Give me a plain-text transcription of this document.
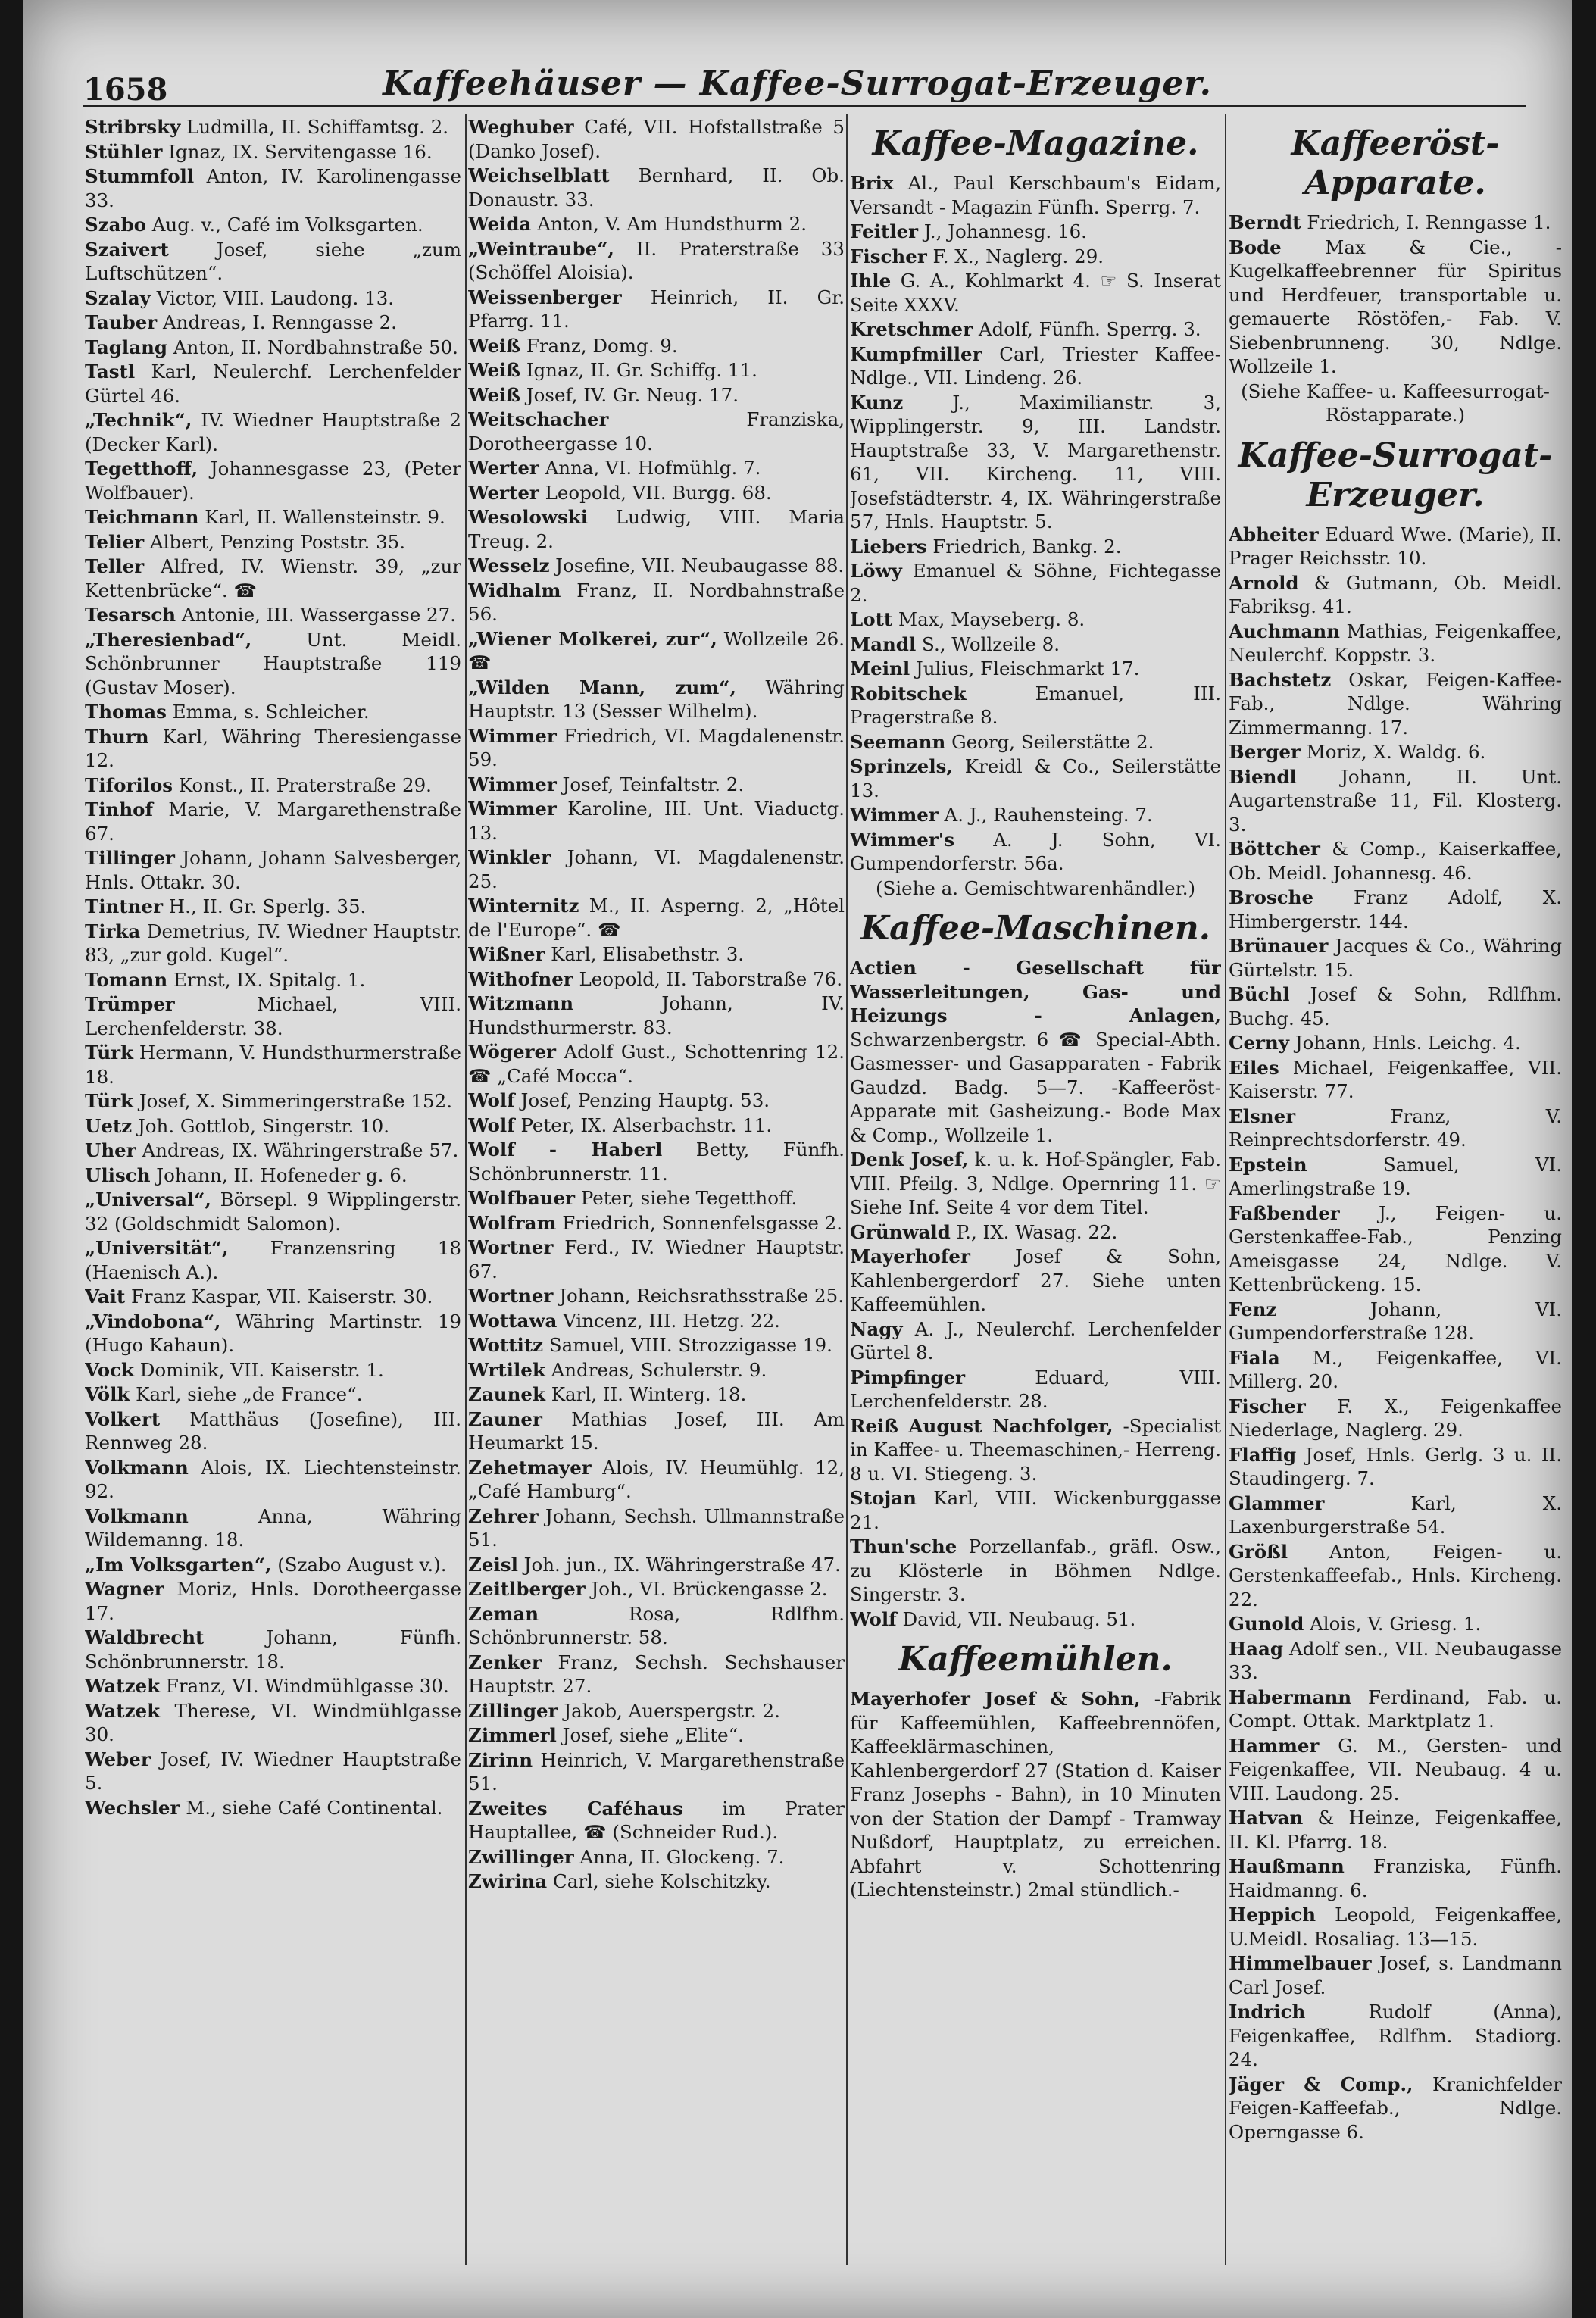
1658	Kaffeehäuser — Kaffee-Surrogat-Erzeuger.
Stribrsky Ludmilla, II. Schiffamtsg. 2.
Stühler Ignaz, IX. Servitengasse 16.
Stummfoll Anton, IV. Karolinengasse 33.
Szabo Aug. v., Café im Volksgarten.
Szaivert Josef, siehe „zum Luftschützen“.
Szalay Victor, VIII. Laudong. 13.
Tauber Andreas, I. Renngasse 2.
Taglang Anton, II. Nordbahnstraße 50.
Tastl Karl, Neulerchf. Lerchenfelder Gürtel 46.
„Technik“, IV. Wiedner Hauptstraße 2 (Decker Karl).
Tegetthoff, Johannesgasse 23, (Peter Wolfbauer).
Teichmann Karl, II. Wallensteinstr. 9.
Telier Albert, Penzing Poststr. 35.
Teller Alfred, IV. Wienstr. 39, „zur Kettenbrücke“. ☎
Tesarsch Antonie, III. Wassergasse 27.
„Theresienbad“, Unt. Meidl. Schönbrunner Hauptstraße 119 (Gustav Moser).
Thomas Emma, s. Schleicher.
Thurn Karl, Währing Theresiengasse 12.
Tiforilos Konst., II. Praterstraße 29.
Tinhof Marie, V. Margarethenstraße 67.
Tillinger Johann, Johann Salvesberger, Hnls. Ottakr. 30.
Tintner H., II. Gr. Sperlg. 35.
Tirka Demetrius, IV. Wiedner Hauptstr. 83, „zur gold. Kugel“.
Tomann Ernst, IX. Spitalg. 1.
Trümper Michael, VIII. Lerchenfelderstr. 38.
Türk Hermann, V. Hundsthurmerstraße 18.
Türk Josef, X. Simmeringerstraße 152.
Uetz Joh. Gottlob, Singerstr. 10.
Uher Andreas, IX. Währingerstraße 57.
Ulisch Johann, II. Hofeneder g. 6.
„Universal“, Börsepl. 9 Wipplingerstr. 32 (Goldschmidt Salomon).
„Universität“, Franzensring 18 (Haenisch A.).
Vait Franz Kaspar, VII. Kaiserstr. 30.
„Vindobona“, Währing Martinstr. 19 (Hugo Kahaun).
Vock Dominik, VII. Kaiserstr. 1.
Völk Karl, siehe „de France“.
Volkert Matthäus (Josefine), III. Rennweg 28.
Volkmann Alois, IX. Liechtensteinstr. 92.
Volkmann Anna, Währing Wildemanng. 18.
„Im Volksgarten“, (Szabo August v.).
Wagner Moriz, Hnls. Dorotheergasse 17.
Waldbrecht Johann, Fünfh. Schönbrunnerstr. 18.
Watzek Franz, VI. Windmühlgasse 30.
Watzek Therese, VI. Windmühlgasse 30.
Weber Josef, IV. Wiedner Hauptstraße 5.
Wechsler M., siehe Café Continental.
Weghuber Café, VII. Hofstallstraße 5 (Danko Josef).
Weichselblatt Bernhard, II. Ob. Donaustr. 33.
Weida Anton, V. Am Hundsthurm 2.
„Weintraube“, II. Praterstraße 33 (Schöffel Aloisia).
Weissenberger Heinrich, II. Gr. Pfarrg. 11.
Weiß Franz, Domg. 9.
Weiß Ignaz, II. Gr. Schiffg. 11.
Weiß Josef, IV. Gr. Neug. 17.
Weitschacher Franziska, Dorotheergasse 10.
Werter Anna, VI. Hofmühlg. 7.
Werter Leopold, VII. Burgg. 68.
Wesolowski Ludwig, VIII. Maria Treug. 2.
Wesselz Josefine, VII. Neubaugasse 88.
Widhalm Franz, II. Nordbahnstraße 56.
„Wiener Molkerei, zur“, Wollzeile 26. ☎
„Wilden Mann, zum“, Währing Hauptstr. 13 (Sesser Wilhelm).
Wimmer Friedrich, VI. Magdalenenstr. 59.
Wimmer Josef, Teinfaltstr. 2.
Wimmer Karoline, III. Unt. Viaductg. 13.
Winkler Johann, VI. Magdalenenstr. 25.
Winternitz M., II. Asperng. 2, „Hôtel de l'Europe“. ☎
Wißner Karl, Elisabethstr. 3.
Withofner Leopold, II. Taborstraße 76.
Witzmann Johann, IV. Hundsthurmerstr. 83.
Wögerer Adolf Gust., Schottenring 12. ☎ „Café Mocca“.
Wolf Josef, Penzing Hauptg. 53.
Wolf Peter, IX. Alserbachstr. 11.
Wolf - Haberl Betty, Fünfh. Schönbrunnerstr. 11.
Wolfbauer Peter, siehe Tegetthoff.
Wolfram Friedrich, Sonnenfelsgasse 2.
Wortner Ferd., IV. Wiedner Hauptstr. 67.
Wortner Johann, Reichsrathsstraße 25.
Wottawa Vincenz, III. Hetzg. 22.
Wottitz Samuel, VIII. Strozzigasse 19.
Wrtilek Andreas, Schulerstr. 9.
Zaunek Karl, II. Winterg. 18.
Zauner Mathias Josef, III. Am Heumarkt 15.
Zehetmayer Alois, IV. Heumühlg. 12, „Café Hamburg“.
Zehrer Johann, Sechsh. Ullmannstraße 51.
Zeisl Joh. jun., IX. Währingerstraße 47.
Zeitlberger Joh., VI. Brückengasse 2.
Zeman Rosa, Rdlfhm. Schönbrunnerstr. 58.
Zenker Franz, Sechsh. Sechshauser Hauptstr. 27.
Zillinger Jakob, Auerspergstr. 2.
Zimmerl Josef, siehe „Elite“.
Zirinn Heinrich, V. Margarethenstraße 51.
Zweites Caféhaus im Prater Hauptallee, ☎ (Schneider Rud.).
Zwillinger Anna, II. Glockeng. 7.
Zwirina Carl, siehe Kolschitzky.
Kaffee-Magazine.
Brix Al., Paul Kerschbaum's Eidam, Versandt - Magazin Fünfh. Sperrg. 7.
Feitler J., Johannesg. 16.
Fischer F. X., Naglerg. 29.
Ihle G. A., Kohlmarkt 4. ☞ S. Inserat Seite XXXV.
Kretschmer Adolf, Fünfh. Sperrg. 3.
Kumpfmiller Carl, Triester Kaffee-Ndlge., VII. Lindeng. 26.
Kunz J., Maximilianstr. 3, Wipplingerstr. 9, III. Landstr. Hauptstraße 33, V. Margarethenstr. 61, VII. Kircheng. 11, VIII. Josefstädterstr. 4, IX. Währingerstraße 57, Hnls. Hauptstr. 5.
Liebers Friedrich, Bankg. 2.
Löwy Emanuel & Söhne, Fichtegasse 2.
Lott Max, Mayseberg. 8.
Mandl S., Wollzeile 8.
Meinl Julius, Fleischmarkt 17.
Robitschek Emanuel, III. Pragerstraße 8.
Seemann Georg, Seilerstätte 2.
Sprinzels, Kreidl & Co., Seilerstätte 13.
Wimmer A. J., Rauhensteing. 7.
Wimmer's A. J. Sohn, VI. Gumpendorferstr. 56a.
(Siehe a. Gemischtwarenhändler.)
Kaffee-Maschinen.
Actien - Gesellschaft für Wasserleitungen, Gas- und Heizungs - Anlagen, Schwarzenbergstr. 6 ☎ Special-Abth. Gasmesser- und Gasapparaten - Fabrik Gaudzd. Badg. 5—7. -Kaffeeröst-Apparate mit Gasheizung.- Bode Max & Comp., Wollzeile 1.
Denk Josef, k. u. k. Hof-Spängler, Fab. VIII. Pfeilg. 3, Ndlge. Opernring 11. ☞ Siehe Inf. Seite 4 vor dem Titel.
Grünwald P., IX. Wasag. 22.
Mayerhofer Josef & Sohn, Kahlenbergerdorf 27. Siehe unten Kaffeemühlen.
Nagy A. J., Neulerchf. Lerchenfelder Gürtel 8.
Pimpfinger Eduard, VIII. Lerchenfelderstr. 28.
Reiß August Nachfolger, -Specialist in Kaffee- u. Theemaschinen,- Herreng. 8 u. VI. Stiegeng. 3.
Stojan Karl, VIII. Wickenburggasse 21.
Thun'sche Porzellanfab., gräfl. Osw., zu Klösterle in Böhmen Ndlge. Singerstr. 3.
Wolf David, VII. Neubaug. 51.
Kaffeemühlen.
Mayerhofer Josef & Sohn, -Fabrik für Kaffeemühlen, Kaffeebrennöfen, Kaffeeklärmaschinen, Kahlenbergerdorf 27 (Station d. Kaiser Franz Josephs - Bahn), in 10 Minuten von der Station der Dampf - Tramway Nußdorf, Hauptplatz, zu erreichen. Abfahrt v. Schottenring (Liechtensteinstr.) 2mal stündlich.-
Kaffeeröst-Apparate.
Berndt Friedrich, I. Renngasse 1.
Bode Max & Cie., -Kugelkaffeebrenner für Spiritus und Herdfeuer, transportable u. gemauerte Röstöfen,- Fab. V. Siebenbrunneng. 30, Ndlge. Wollzeile 1.
(Siehe Kaffee- u. Kaffeesurrogat-Röstapparate.)
Kaffee-Surrogat-Erzeuger.
Abheiter Eduard Wwe. (Marie), II. Prager Reichsstr. 10.
Arnold & Gutmann, Ob. Meidl. Fabriksg. 41.
Auchmann Mathias, Feigenkaffee, Neulerchf. Koppstr. 3.
Bachstetz Oskar, Feigen-Kaffee-Fab., Ndlge. Währing Zimmermanng. 17.
Berger Moriz, X. Waldg. 6.
Biendl Johann, II. Unt. Augartenstraße 11, Fil. Klosterg. 3.
Böttcher & Comp., Kaiserkaffee, Ob. Meidl. Johannesg. 46.
Brosche Franz Adolf, X. Himbergerstr. 144.
Brünauer Jacques & Co., Währing Gürtelstr. 15.
Büchl Josef & Sohn, Rdlfhm. Buchg. 45.
Cerny Johann, Hnls. Leichg. 4.
Eiles Michael, Feigenkaffee, VII. Kaiserstr. 77.
Elsner Franz, V. Reinprechtsdorferstr. 49.
Epstein Samuel, VI. Amerlingstraße 19.
Faßbender J., Feigen- u. Gerstenkaffee-Fab., Penzing Ameisgasse 24, Ndlge. V. Kettenbrückeng. 15.
Fenz Johann, VI. Gumpendorferstraße 128.
Fiala M., Feigenkaffee, VI. Millerg. 20.
Fischer F. X., Feigenkaffee Niederlage, Naglerg. 29.
Flaffig Josef, Hnls. Gerlg. 3 u. II. Staudingerg. 7.
Glammer Karl, X. Laxenburgerstraße 54.
Größl Anton, Feigen- u. Gerstenkaffeefab., Hnls. Kircheng. 22.
Gunold Alois, V. Griesg. 1.
Haag Adolf sen., VII. Neubaugasse 33.
Habermann Ferdinand, Fab. u. Compt. Ottak. Marktplatz 1.
Hammer G. M., Gersten- und Feigenkaffee, VII. Neubaug. 4 u. VIII. Laudong. 25.
Hatvan & Heinze, Feigenkaffee, II. Kl. Pfarrg. 18.
Haußmann Franziska, Fünfh. Haidmanng. 6.
Heppich Leopold, Feigenkaffee, U.Meidl. Rosaliag. 13—15.
Himmelbauer Josef, s. Landmann Carl Josef.
Indrich Rudolf (Anna), Feigenkaffee, Rdlfhm. Stadiorg. 24.
Jäger & Comp., Kranichfelder Feigen-Kaffeefab., Ndlge. Operngasse 6.
